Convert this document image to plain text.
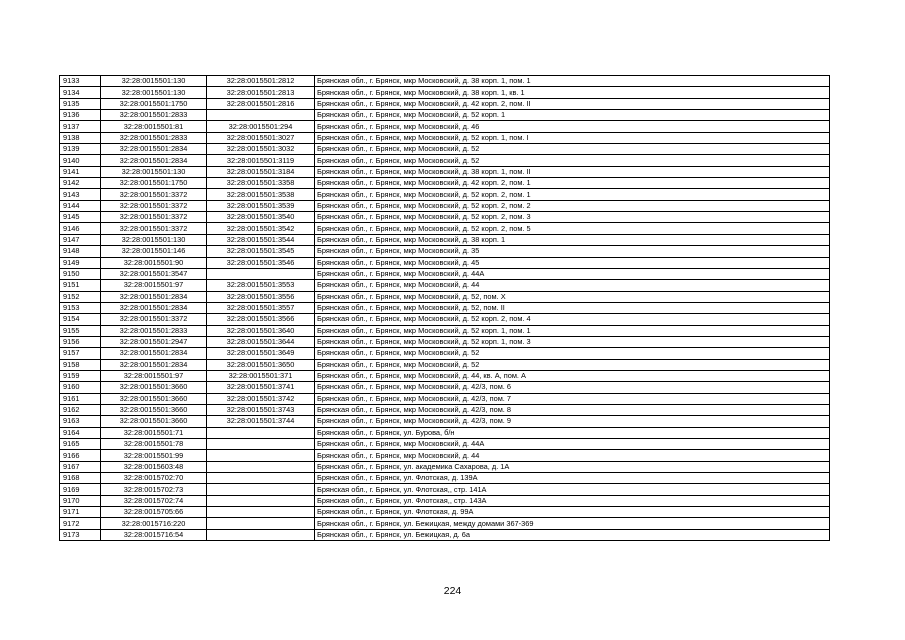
9133	32:28:0015501:130	32:28:0015501:2812	Брянская обл., г. Брянск, мкр Московский, д. 38 корп. 1, пом. 1
9134	32:28:0015501:130	32:28:0015501:2813	Брянская обл., г. Брянск, мкр Московский, д. 38 корп. 1, кв. 1
9135	32:28:0015501:1750	32:28:0015501:2816	Брянская обл., г. Брянск, мкр Московский, д. 42 корп. 2, пом. II
9136	32:28:0015501:2833		Брянская обл., г. Брянск, мкр Московский, д. 52 корп. 1
9137	32:28:0015501:81	32:28:0015501:294	Брянская обл., г. Брянск, мкр Московский, д. 46
9138	32:28:0015501:2833	32:28:0015501:3027	Брянская обл., г. Брянск, мкр Московский, д. 52 корп. 1, пом. I
9139	32:28:0015501:2834	32:28:0015501:3032	Брянская обл., г. Брянск, мкр Московский, д. 52
9140	32:28:0015501:2834	32:28:0015501:3119	Брянская обл., г. Брянск, мкр Московский, д. 52
9141	32:28:0015501:130	32:28:0015501:3184	Брянская обл., г. Брянск, мкр Московский, д. 38 корп. 1, пом. II
9142	32:28:0015501:1750	32:28:0015501:3358	Брянская обл., г. Брянск, мкр Московский, д. 42 корп. 2, пом. 1
9143	32:28:0015501:3372	32:28:0015501:3538	Брянская обл., г. Брянск, мкр Московский, д. 52 корп. 2, пом. 1
9144	32:28:0015501:3372	32:28:0015501:3539	Брянская обл., г. Брянск, мкр Московский, д. 52 корп. 2, пом. 2
9145	32:28:0015501:3372	32:28:0015501:3540	Брянская обл., г. Брянск, мкр Московский, д. 52 корп. 2, пом. 3
9146	32:28:0015501:3372	32:28:0015501:3542	Брянская обл., г. Брянск, мкр Московский, д. 52 корп. 2, пом. 5
9147	32:28:0015501:130	32:28:0015501:3544	Брянская обл., г. Брянск, мкр Московский, д. 38 корп. 1
9148	32:28:0015501:146	32:28:0015501:3545	Брянская обл., г. Брянск, мкр Московский, д. 35
9149	32:28:0015501:90	32:28:0015501:3546	Брянская обл., г. Брянск, мкр Московский, д. 45
9150	32:28:0015501:3547		Брянская обл., г. Брянск, мкр Московский, д. 44А
9151	32:28:0015501:97	32:28:0015501:3553	Брянская обл., г. Брянск, мкр Московский, д. 44
9152	32:28:0015501:2834	32:28:0015501:3556	Брянская обл., г. Брянск, мкр Московский, д. 52, пом. X
9153	32:28:0015501:2834	32:28:0015501:3557	Брянская обл., г. Брянск, мкр Московский, д. 52, пом. II
9154	32:28:0015501:3372	32:28:0015501:3566	Брянская обл., г. Брянск, мкр Московский, д. 52 корп. 2, пом. 4
9155	32:28:0015501:2833	32:28:0015501:3640	Брянская обл., г. Брянск, мкр Московский, д. 52 корп. 1, пом. 1
9156	32:28:0015501:2947	32:28:0015501:3644	Брянская обл., г. Брянск, мкр Московский, д. 52 корп. 1, пом. 3
9157	32:28:0015501:2834	32:28:0015501:3649	Брянская обл., г. Брянск, мкр Московский, д. 52
9158	32:28:0015501:2834	32:28:0015501:3650	Брянская обл., г. Брянск, мкр Московский, д. 52
9159	32:28:0015501:97	32:28:0015501:371	Брянская обл., г. Брянск, мкр Московский, д. 44, кв. А, пом. А
9160	32:28:0015501:3660	32:28:0015501:3741	Брянская обл., г. Брянск, мкр Московский, д. 42/3, пом. 6
9161	32:28:0015501:3660	32:28:0015501:3742	Брянская обл., г. Брянск, мкр Московский, д. 42/3, пом. 7
9162	32:28:0015501:3660	32:28:0015501:3743	Брянская обл., г. Брянск, мкр Московский, д. 42/3, пом. 8
9163	32:28:0015501:3660	32:28:0015501:3744	Брянская обл., г. Брянск, мкр Московский, д. 42/3, пом. 9
9164	32:28:0015501:71		Брянская обл., г. Брянск, ул. Бурова, б/н
9165	32:28:0015501:78		Брянская обл., г. Брянск, мкр Московский, д. 44А
9166	32:28:0015501:99		Брянская обл., г. Брянск, мкр Московский, д. 44
9167	32:28:0015603:48		Брянская обл., г. Брянск, ул. академика Сахарова, д. 1А
9168	32:28:0015702:70		Брянская обл., г. Брянск, ул. Флотская, д. 139А
9169	32:28:0015702:73		Брянская обл., г. Брянск, ул. Флотская,, стр. 141А
9170	32:28:0015702:74		Брянская обл., г. Брянск, ул. Флотская,, стр. 143А
9171	32:28:0015705:66		Брянская обл., г. Брянск, ул. Флотская, д. 99А
9172	32:28:0015716:220		Брянская обл., г. Брянск, ул. Бежицкая, между домами 367-369
9173	32:28:0015716:54		Брянская обл., г. Брянск, ул. Бежицкая, д. 6а
224
